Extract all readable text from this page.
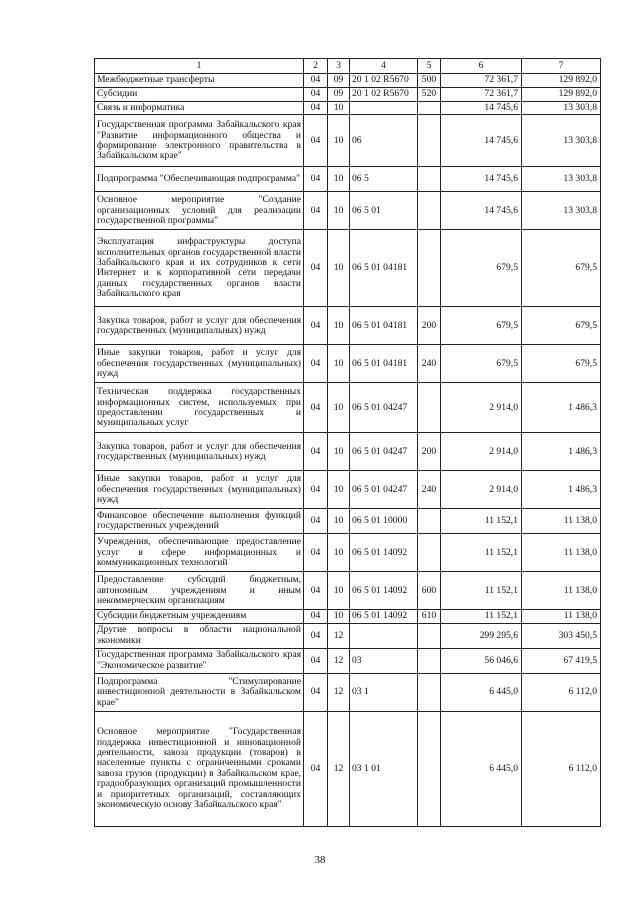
1	2	3	4	5	6	7
Межбюджетные трансферты	04	09	20 1 02 R5670	500	72 361,7	129 892,0
Субсидии	04	09	20 1 02 R5670	520	72 361,7	129 892,0
Связь и информатика	04	10			14 745,6	13 303,8
Государственная программа Забайкальского края "Развитие информационного общества и формирование электронного правительства в Забайкальском крае"	04	10	06		14 745,6	13 303,8
Подпрограмма "Обеспечивающая подпрограмма"	04	10	06 5		14 745,6	13 303,8
Основное мероприятие "Создание организационных условий для реализации государственной программы"	04	10	06 5 01		14 745,6	13 303,8
Эксплуатация инфраструктуры доступа исполнительных органов государственной власти Забайкальского края и их сотрудников к сети Интернет и к корпоративной сети передачи данных государственных органов власти Забайкальского края	04	10	06 5 01 04181		679,5	679,5
Закупка товаров, работ и услуг для обеспечения государственных (муниципальных) нужд	04	10	06 5 01 04181	200	679,5	679,5
Иные закупки товаров, работ и услуг для обеспечения государственных (муниципальных) нужд	04	10	06 5 01 04181	240	679,5	679,5
Техническая поддержка государственных информационных систем, используемых при предоставлении государственных и муниципальных услуг	04	10	06 5 01 04247		2 914,0	1 486,3
Закупка товаров, работ и услуг для обеспечения государственных (муниципальных) нужд	04	10	06 5 01 04247	200	2 914,0	1 486,3
Иные закупки товаров, работ и услуг для обеспечения государственных (муниципальных) нужд	04	10	06 5 01 04247	240	2 914,0	1 486,3
Финансовое обеспечение выполнения функций государственных учреждений	04	10	06 5 01 10000		11 152,1	11 138,0
Учреждения, обеспечивающие предоставление услуг в сфере информационных и коммуникационных технологий	04	10	06 5 01 14092		11 152,1	11 138,0
Предоставление субсидий бюджетным, автономным учреждениям и иным некоммерческим организациям	04	10	06 5 01 14092	600	11 152,1	11 138,0
Субсидии бюджетным учреждениям	04	10	06 5 01 14092	610	11 152,1	11 138,0
Другие вопросы в области национальной экономики	04	12			299 295,6	303 450,5
Государственная программа Забайкальского края "Экономическое развитие"	04	12	03		56 046,6	67 419,5
Подпрограмма "Стимулирование инвестиционной деятельности в Забайкальском крае"	04	12	03 1		6 445,0	6 112,0
Основное мероприятие "Государственная поддержка инвестиционной и инновационной деятельности, завоза продукции (товаров) в населенные пункты с ограниченными сроками завоза грузов (продукции) в Забайкальском крае, градообразующих организаций промышленности и приоритетных организаций, составляющих экономическую основу Забайкальского края"	04	12	03 1 01		6 445,0	6 112,0
38
